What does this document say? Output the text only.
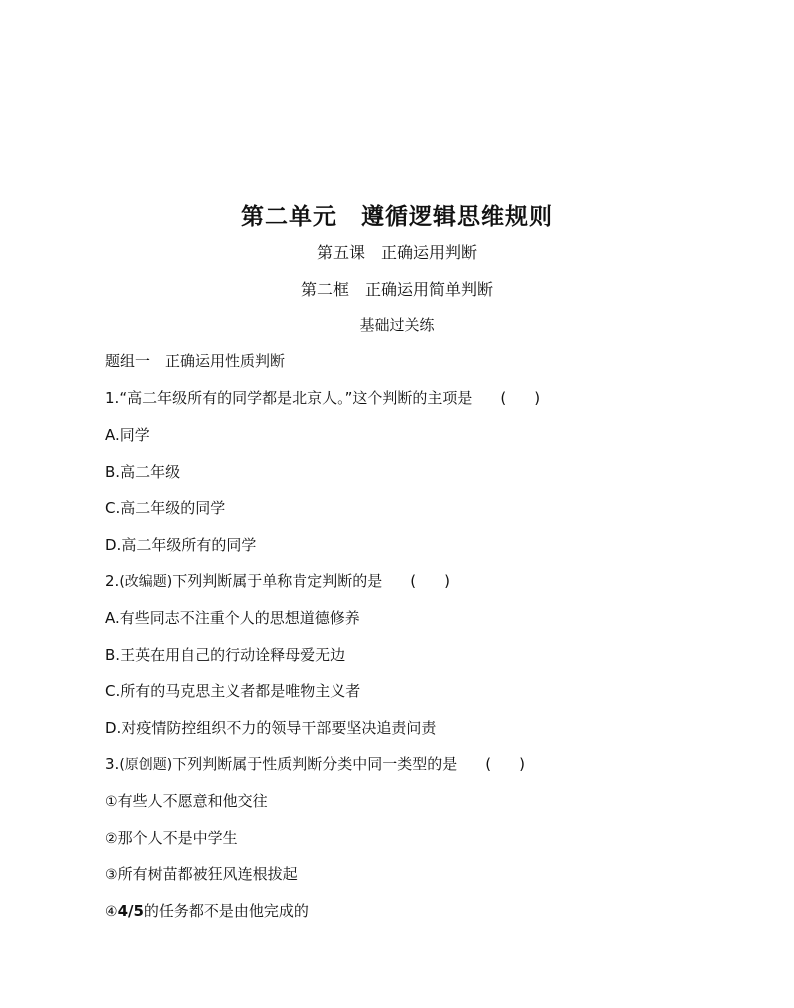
第二单元　遵循逻辑思维规则
第五课　正确运用判断
第二框　正确运用简单判断
基础过关练
题组一　正确运用性质判断
1.“高二年级所有的同学都是北京人。”这个判断的主项是 ( )
A.同学
B.高二年级
C.高二年级的同学
D.高二年级所有的同学
2.(改编题)下列判断属于单称肯定判断的是 ( )
A.有些同志不注重个人的思想道德修养
B.王英在用自己的行动诠释母爱无边
C.所有的马克思主义者都是唯物主义者
D.对疫情防控组织不力的领导干部要坚决追责问责
3.(原创题)下列判断属于性质判断分类中同一类型的是 ( )
①有些人不愿意和他交往
②那个人不是中学生
③所有树苗都被狂风连根拔起
④4/5的任务都不是由他完成的
